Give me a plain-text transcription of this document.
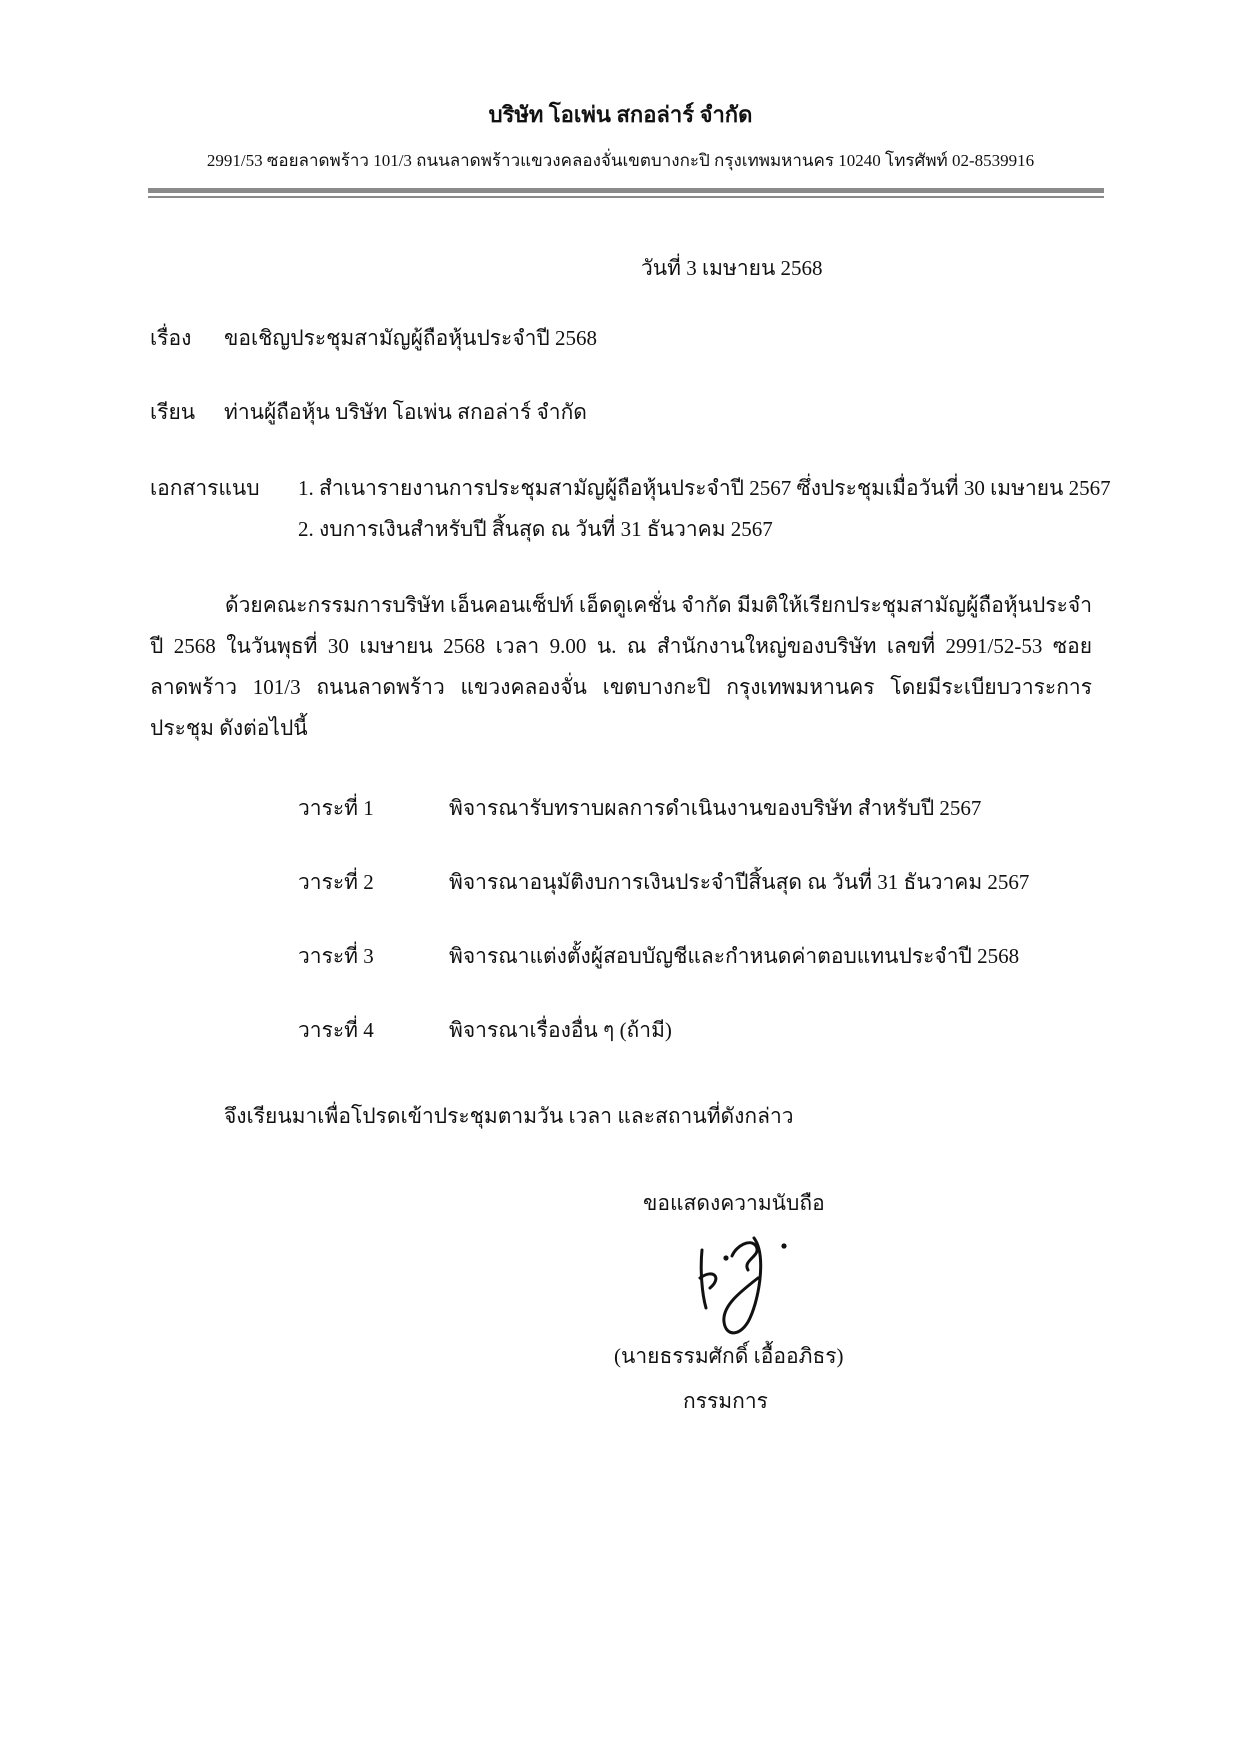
บริษัท โอเพ่น สกอล่าร์ จำกัด
2991/53 ซอยลาดพร้าว 101/3 ถนนลาดพร้าวแขวงคลองจั่นเขตบางกะปิ กรุงเทพมหานคร 10240 โทรศัพท์ 02-8539916
วันที่ 3 เมษายน 2568
เรื่อง ขอเชิญประชุมสามัญผู้ถือหุ้นประจำปี 2568
เรียน ท่านผู้ถือหุ้น บริษัท โอเพ่น สกอล่าร์ จำกัด
เอกสารแนบ 1. สำเนารายงานการประชุมสามัญผู้ถือหุ้นประจำปี 2567 ซึ่งประชุมเมื่อวันที่ 30 เมษายน 2567
2. งบการเงินสำหรับปี สิ้นสุด ณ วันที่ 31 ธันวาคม 2567
ด้วยคณะกรรมการบริษัท เอ็นคอนเซ็ปท์ เอ็ดดูเคชั่น จำกัด มีมติให้เรียกประชุมสามัญผู้ถือหุ้นประจำปี 2568 ในวันพุธที่ 30 เมษายน 2568 เวลา 9.00 น. ณ สำนักงานใหญ่ของบริษัท เลขที่ 2991/52-53 ซอยลาดพร้าว 101/3 ถนนลาดพร้าว แขวงคลองจั่น เขตบางกะปิ กรุงเทพมหานคร โดยมีระเบียบวาระการประชุม ดังต่อไปนี้
วาระที่ 1	พิจารณารับทราบผลการดำเนินงานของบริษัท สำหรับปี 2567
วาระที่ 2	พิจารณาอนุมัติงบการเงินประจำปีสิ้นสุด ณ วันที่ 31 ธันวาคม 2567
วาระที่ 3	พิจารณาแต่งตั้งผู้สอบบัญชีและกำหนดค่าตอบแทนประจำปี 2568
วาระที่ 4	พิจารณาเรื่องอื่น ๆ (ถ้ามี)
จึงเรียนมาเพื่อโปรดเข้าประชุมตามวัน เวลา และสถานที่ดังกล่าว
ขอแสดงความนับถือ
(นายธรรมศักดิ์ เอื้ออภิธร)
กรรมการ
